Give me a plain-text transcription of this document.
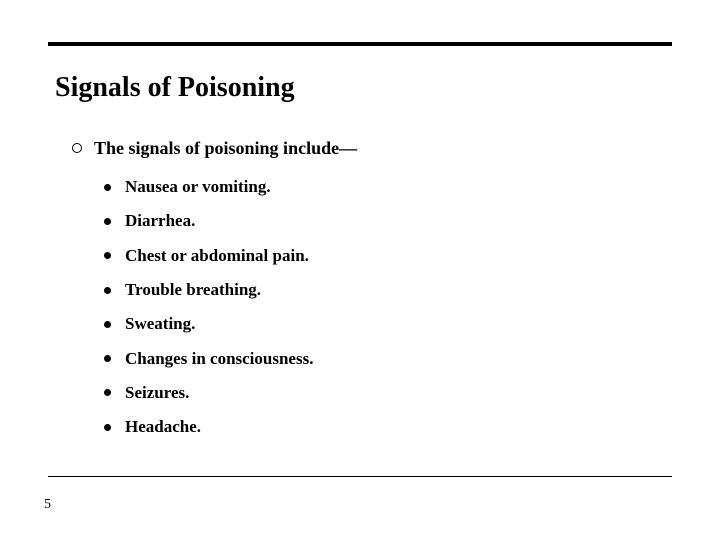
Signals of Poisoning
The signals of poisoning include—
Nausea or vomiting.
Diarrhea.
Chest or abdominal pain.
Trouble breathing.
Sweating.
Changes in consciousness.
Seizures.
Headache.
5
